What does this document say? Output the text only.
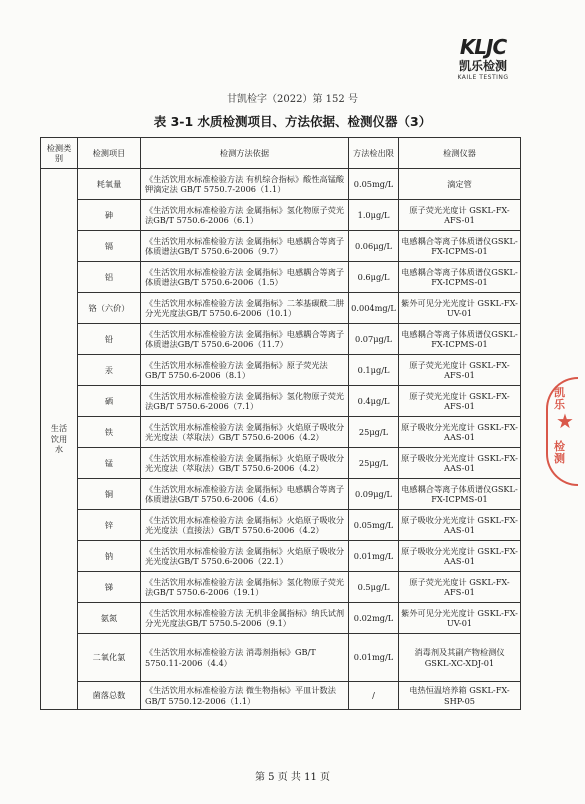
KLJC
凯乐检测
KAILE TESTING
甘凯检字（2022）第 152 号
表 3-1 水质检测项目、方法依据、检测仪器（3）
检测类别	检测项目	检测方法依据	方法检出限	检测仪器
生活饮用水	耗氧量	《生活饮用水标准检验方法 有机综合指标》酸性高锰酸钾滴定法 GB/T 5750.7-2006（1.1）	0.05mg/L	滴定管
	砷	《生活饮用水标准检验方法 金属指标》氢化物原子荧光法GB/T 5750.6-2006（6.1）	1.0μg/L	原子荧光光度计 GSKL-FX-AFS-01
	镉	《生活饮用水标准检验方法 金属指标》电感耦合等离子体质谱法GB/T 5750.6-2006（9.7）	0.06μg/L	电感耦合等离子体质谱仪GSKL-FX-ICPMS-01
	铝	《生活饮用水标准检验方法 金属指标》电感耦合等离子体质谱法GB/T 5750.6-2006（1.5）	0.6μg/L	电感耦合等离子体质谱仪GSKL-FX-ICPMS-01
	铬（六价）	《生活饮用水标准检验方法 金属指标》二苯基碳酰二肼分光光度法GB/T 5750.6-2006（10.1）	0.004mg/L	紫外可见分光光度计 GSKL-FX-UV-01
	铅	《生活饮用水标准检验方法 金属指标》电感耦合等离子体质谱法GB/T 5750.6-2006（11.7）	0.07μg/L	电感耦合等离子体质谱仪GSKL-FX-ICPMS-01
	汞	《生活饮用水标准检验方法 金属指标》原子荧光法GB/T 5750.6-2006（8.1）	0.1μg/L	原子荧光光度计 GSKL-FX-AFS-01
	硒	《生活饮用水标准检验方法 金属指标》氢化物原子荧光法GB/T 5750.6-2006（7.1）	0.4μg/L	原子荧光光度计 GSKL-FX-AFS-01
	铁	《生活饮用水标准检验方法 金属指标》火焰原子吸收分光光度法（萃取法）GB/T 5750.6-2006（4.2）	25μg/L	原子吸收分光光度计 GSKL-FX-AAS-01
	锰	《生活饮用水标准检验方法 金属指标》火焰原子吸收分光光度法（萃取法）GB/T 5750.6-2006（4.2）	25μg/L	原子吸收分光光度计 GSKL-FX-AAS-01
	铜	《生活饮用水标准检验方法 金属指标》电感耦合等离子体质谱法GB/T 5750.6-2006（4.6）	0.09μg/L	电感耦合等离子体质谱仪GSKL-FX-ICPMS-01
	锌	《生活饮用水标准检验方法 金属指标》火焰原子吸收分光光度法（直接法）GB/T 5750.6-2006（4.2）	0.05mg/L	原子吸收分光光度计 GSKL-FX-AAS-01
	钠	《生活饮用水标准检验方法 金属指标》火焰原子吸收分光光度法GB/T 5750.6-2006（22.1）	0.01mg/L	原子吸收分光光度计 GSKL-FX-AAS-01
	锑	《生活饮用水标准检验方法 金属指标》氢化物原子荧光法GB/T 5750.6-2006（19.1）	0.5μg/L	原子荧光光度计 GSKL-FX-AFS-01
	氨氮	《生活饮用水标准检验方法 无机非金属指标》纳氏试剂分光光度法GB/T 5750.5-2006（9.1）	0.02mg/L	紫外可见分光光度计 GSKL-FX-UV-01
	二氧化氯	《生活饮用水标准检验方法 消毒剂指标》GB/T 5750.11-2006（4.4）	0.01mg/L	消毒剂及其副产物检测仪 GSKL-XC-XDJ-01
	菌落总数	《生活饮用水标准检验方法 微生物指标》平皿计数法GB/T 5750.12-2006（1.1）	/	电热恒温培养箱 GSKL-FX-SHP-05
第 5 页 共 11 页
凯乐
★
检测
